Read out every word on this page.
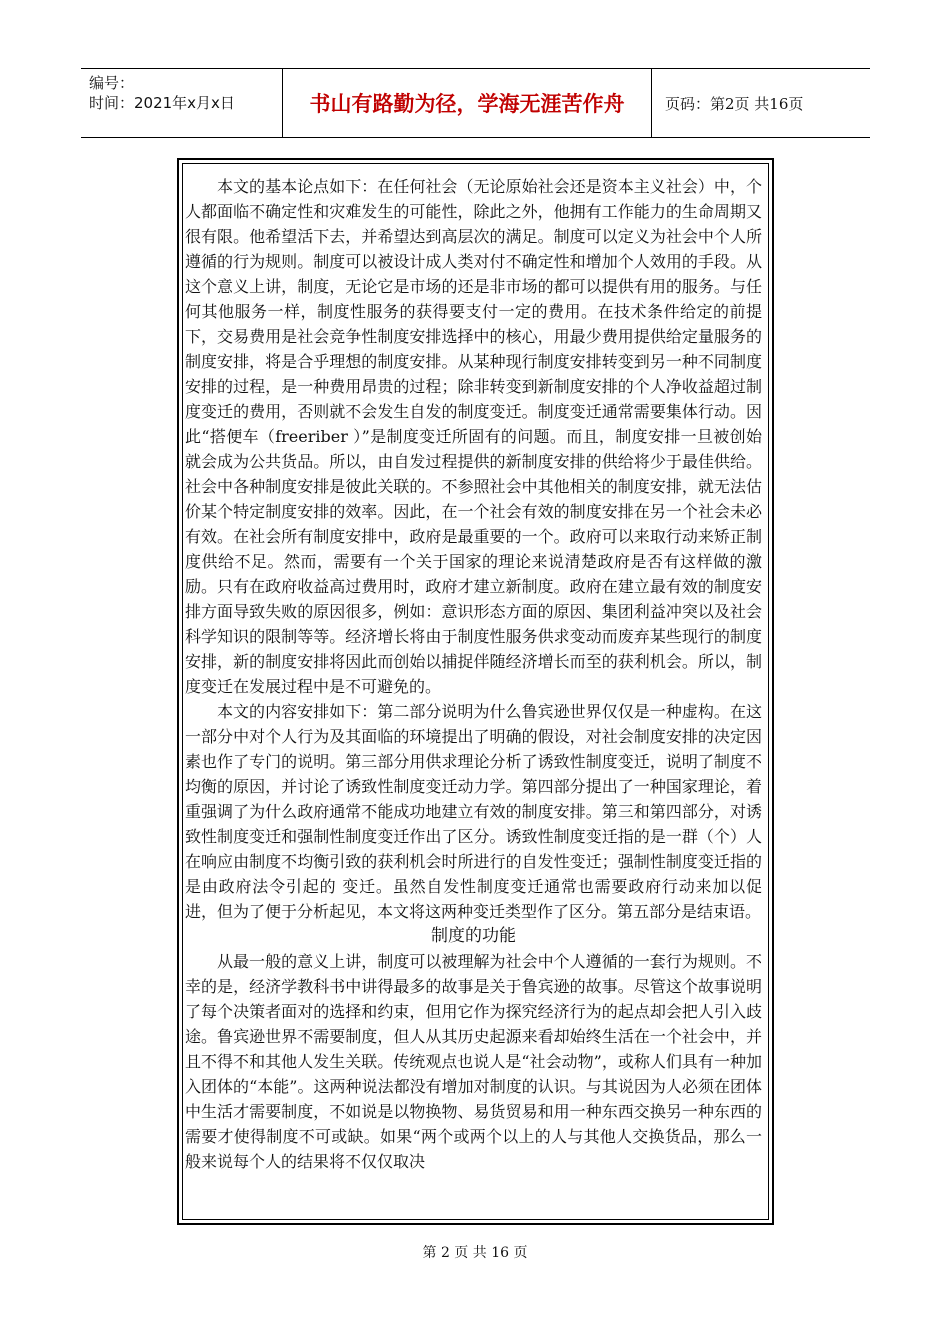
编号：
时间：2021年x月x日	书山有路勤为径，学海无涯苦作舟	页码：第2页 共16页

本文的基本论点如下：在任何社会（无论原始社会还是资本主义社会）中，个人都面临不确定性和灾难发生的可能性，除此之外，他拥有工作能力的生命周期又很有限。他希望活下去，并希望达到高层次的满足。制度可以定义为社会中个人所遵循的行为规则。制度可以被设计成人类对付不确定性和增加个人效用的手段。从这个意义上讲，制度，无论它是市场的还是非市场的都可以提供有用的服务。与任何其他服务一样，制度性服务的获得要支付一定的费用。在技术条件给定的前提下，交易费用是社会竞争性制度安排选择中的核心，用最少费用提供给定量服务的制度安排，将是合乎理想的制度安排。从某种现行制度安排转变到另一种不同制度安排的过程，是一种费用昂贵的过程；除非转变到新制度安排的个人净收益超过制度变迁的费用，否则就不会发生自发的制度变迁。制度变迁通常需要集体行动。因此“搭便车（freeriber ）”是制度变迁所固有的问题。而且，制度安排一旦被创始就会成为公共货品。所以，由自发过程提供的新制度安排的供给将少于最佳供给。社会中各种制度安排是彼此关联的。不参照社会中其他相关的制度安排，就无法估价某个特定制度安排的效率。因此，在一个社会有效的制度安排在另一个社会未必有效。在社会所有制度安排中，政府是最重要的一个。政府可以来取行动来矫正制度供给不足。然而，需要有一个关于国家的理论来说清楚政府是否有这样做的激励。只有在政府收益高过费用时，政府才建立新制度。政府在建立最有效的制度安排方面导致失败的原因很多，例如：意识形态方面的原因、集团利益冲突以及社会科学知识的限制等等。经济增长将由于制度性服务供求变动而废弃某些现行的制度安排，新的制度安排将因此而创始以捕捉伴随经济增长而至的获利机会。所以，制度变迁在发展过程中是不可避免的。

本文的内容安排如下：第二部分说明为什么鲁宾逊世界仅仅是一种虚构。在这一部分中对个人行为及其面临的环境提出了明确的假设，对社会制度安排的决定因素也作了专门的说明。第三部分用供求理论分析了诱致性制度变迁，说明了制度不均衡的原因，并讨论了诱致性制度变迁动力学。第四部分提出了一种国家理论，着重强调了为什么政府通常不能成功地建立有效的制度安排。第三和第四部分，对诱致性制度变迁和强制性制度变迁作出了区分。诱致性制度变迁指的是一群（个）人在响应由制度不均衡引致的获利机会时所进行的自发性变迁；强制性制度变迁指的是由政府法令引起的 变迁。虽然自发性制度变迁通常也需要政府行动来加以促进，但为了便于分析起见，本文将这两种变迁类型作了区分。第五部分是结束语。

制度的功能

从最一般的意义上讲，制度可以被理解为社会中个人遵循的一套行为规则。不幸的是，经济学教科书中讲得最多的故事是关于鲁宾逊的故事。尽管这个故事说明了每个决策者面对的选择和约束，但用它作为探究经济行为的起点却会把人引入歧途。鲁宾逊世界不需要制度，但人从其历史起源来看却始终生活在一个社会中，并且不得不和其他人发生关联。传统观点也说人是“社会动物”，或称人们具有一种加入团体的“本能”。这两种说法都没有增加对制度的认识。与其说因为人必须在团体中生活才需要制度，不如说是以物换物、易货贸易和用一种东西交换另一种东西的需要才使得制度不可或缺。如果“两个或两个以上的人与其他人交换货品，那么一般来说每个人的结果将不仅仅取决

第 2 页 共 16 页
